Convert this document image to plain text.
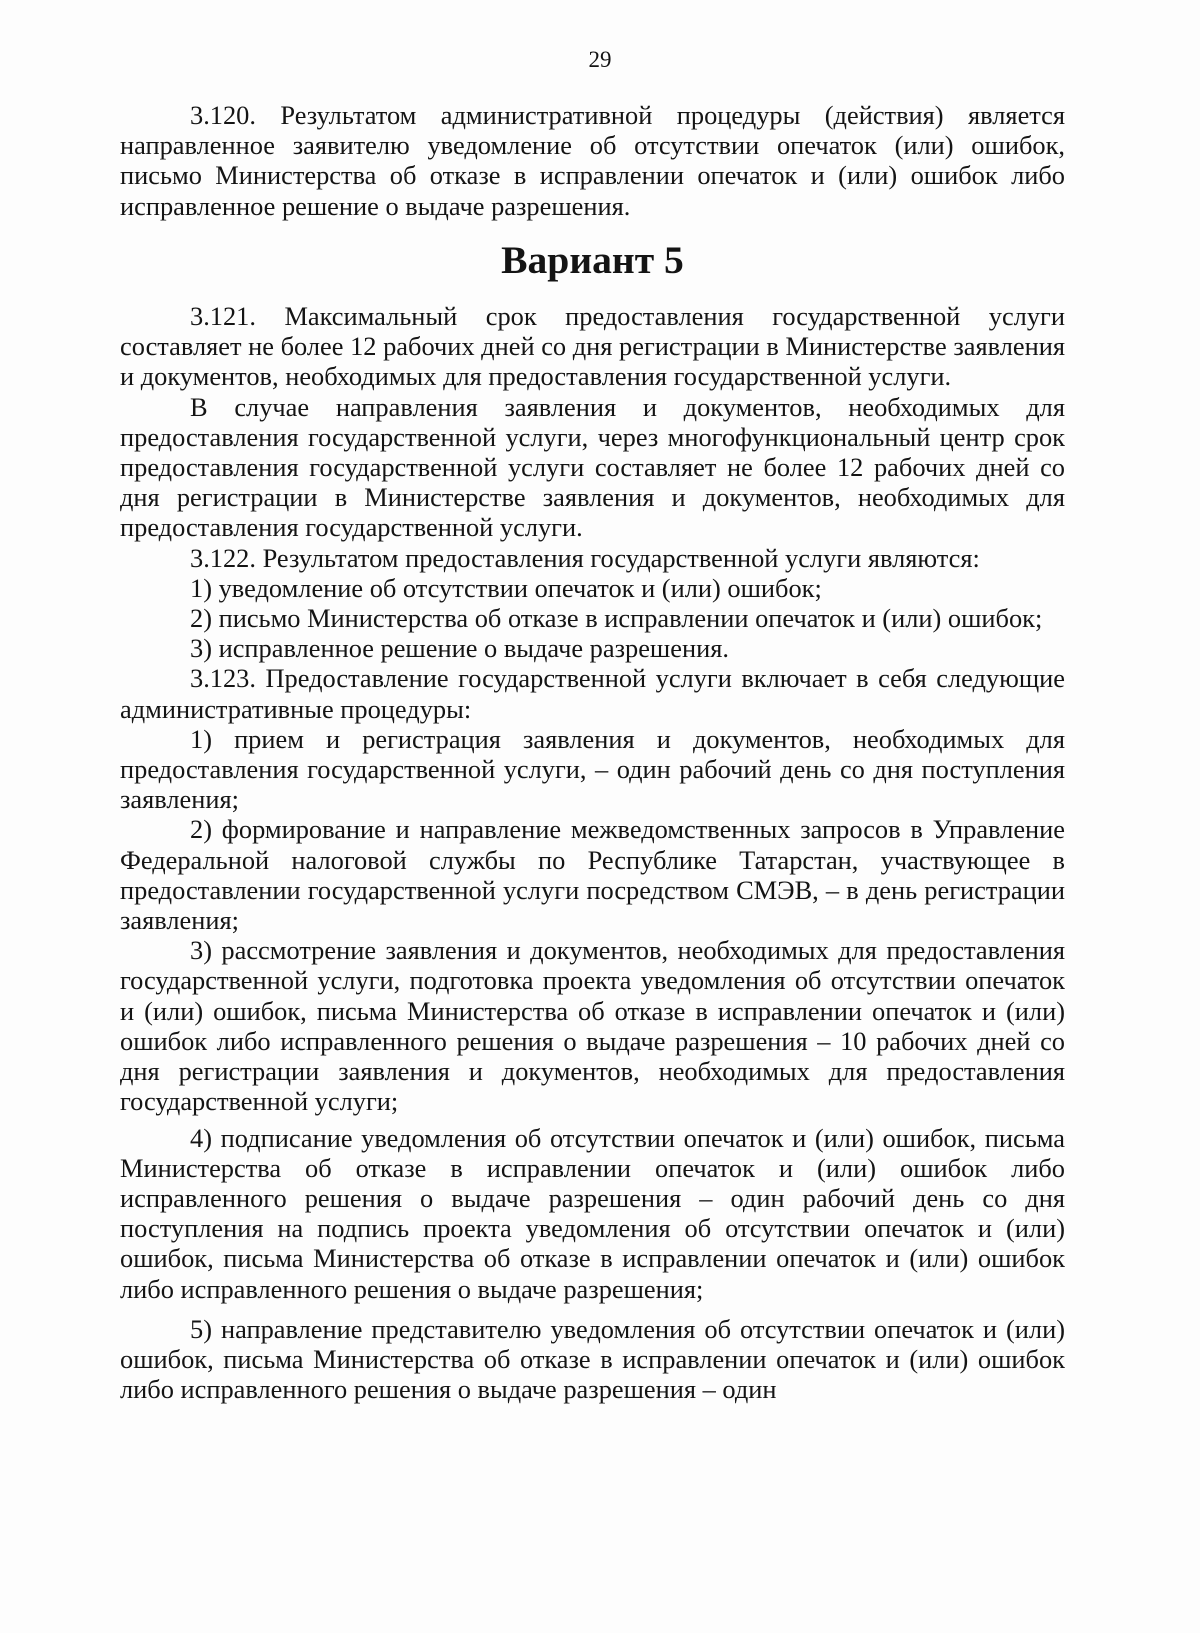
29

3.120. Результатом административной процедуры (действия) является направленное заявителю уведомление об отсутствии опечаток (или) ошибок, письмо Министерства об отказе в исправлении опечаток и (или) ошибок либо исправленное решение о выдаче разрешения.

Вариант 5

3.121. Максимальный срок предоставления государственной услуги составляет не более 12 рабочих дней со дня регистрации в Министерстве заявления и документов, необходимых для предоставления государственной услуги.

В случае направления заявления и документов, необходимых для предоставления государственной услуги, через многофункциональный центр срок предоставления государственной услуги составляет не более 12 рабочих дней со дня регистрации в Министерстве заявления и документов, необходимых для предоставления государственной услуги.

3.122. Результатом предоставления государственной услуги являются:

1) уведомление об отсутствии опечаток и (или) ошибок;

2) письмо Министерства об отказе в исправлении опечаток и (или) ошибок;

3) исправленное решение о выдаче разрешения.

3.123. Предоставление государственной услуги включает в себя следующие административные процедуры:

1) прием и регистрация заявления и документов, необходимых для предоставления государственной услуги, – один рабочий день со дня поступления заявления;

2) формирование и направление межведомственных запросов в Управление Федеральной налоговой службы по Республике Татарстан, участвующее в предоставлении государственной услуги посредством СМЭВ, – в день регистрации заявления;

3) рассмотрение заявления и документов, необходимых для предоставления государственной услуги, подготовка проекта уведомления об отсутствии опечаток и (или) ошибок, письма Министерства об отказе в исправлении опечаток и (или) ошибок либо исправленного решения о выдаче разрешения – 10 рабочих дней со дня регистрации заявления и документов, необходимых для предоставления государственной услуги;

4) подписание уведомления об отсутствии опечаток и (или) ошибок, письма Министерства об отказе в исправлении опечаток и (или) ошибок либо исправленного решения о выдаче разрешения – один рабочий день со дня поступления на подпись проекта уведомления об отсутствии опечаток и (или) ошибок, письма Министерства об отказе в исправлении опечаток и (или) ошибок либо исправленного решения о выдаче разрешения;

5) направление представителю уведомления об отсутствии опечаток и (или) ошибок, письма Министерства об отказе в исправлении опечаток и (или) ошибок либо исправленного решения о выдаче разрешения – один
